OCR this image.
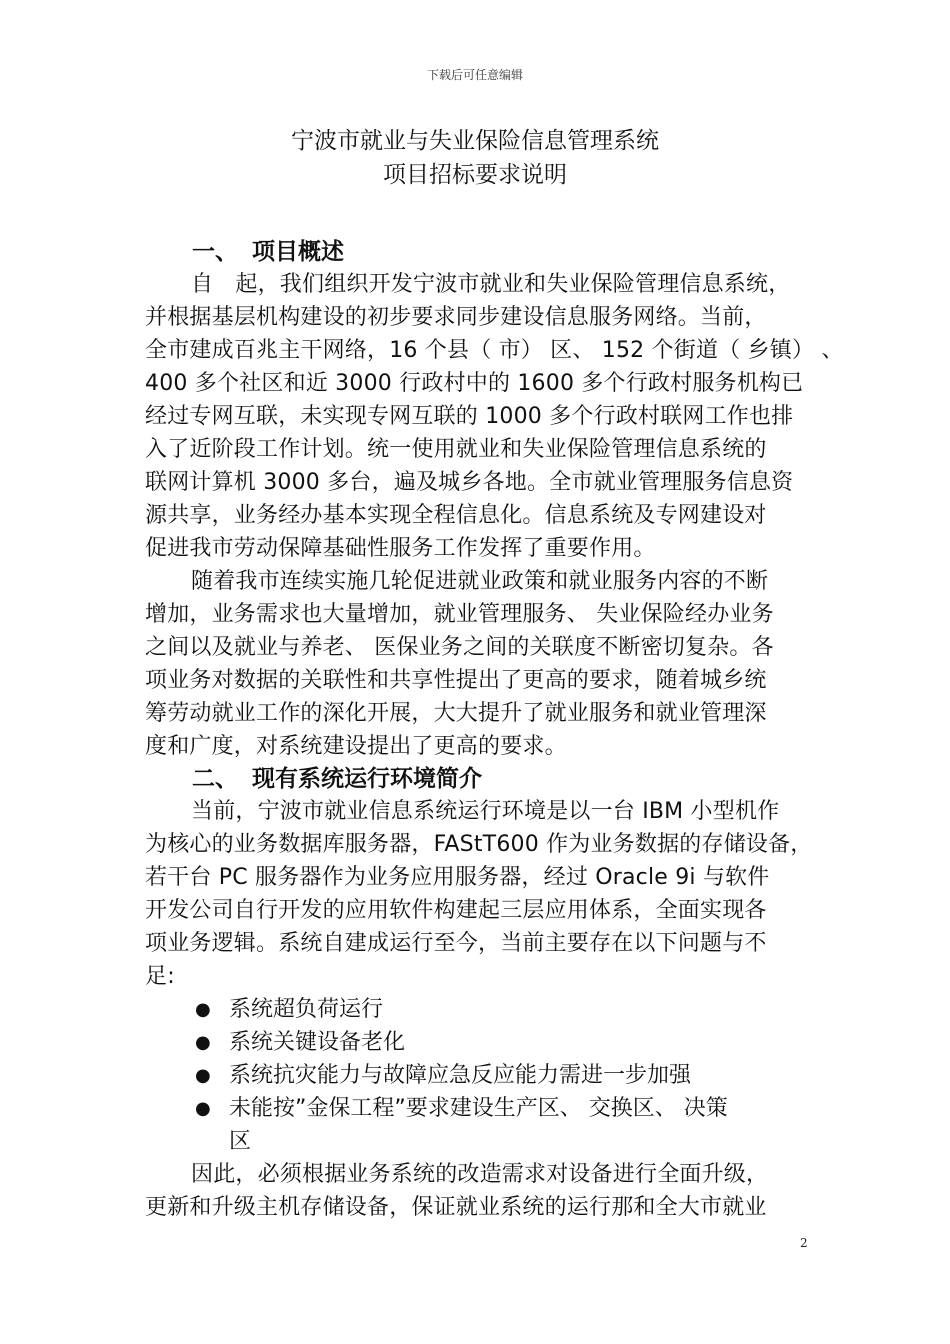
下载后可任意编辑
宁波市就业与失业保险信息管理系统
项目招标要求说明
一、 项目概述
自　起，我们组织开发宁波市就业和失业保险管理信息系统，
并根据基层机构建设的初步要求同步建设信息服务网络。当前，
全市建成百兆主干网络，16 个县（ 市） 区、 152 个街道（ 乡镇） 、
400 多个社区和近 3000 行政村中的 1600 多个行政村服务机构已
经过专网互联，未实现专网互联的 1000 多个行政村联网工作也排
入了近阶段工作计划。统一使用就业和失业保险管理信息系统的
联网计算机 3000 多台，遍及城乡各地。全市就业管理服务信息资
源共享，业务经办基本实现全程信息化。信息系统及专网建设对
促进我市劳动保障基础性服务工作发挥了重要作用。
随着我市连续实施几轮促进就业政策和就业服务内容的不断
增加，业务需求也大量增加，就业管理服务、 失业保险经办业务
之间以及就业与养老、 医保业务之间的关联度不断密切复杂。各
项业务对数据的关联性和共享性提出了更高的要求，随着城乡统
筹劳动就业工作的深化开展，大大提升了就业服务和就业管理深
度和广度，对系统建设提出了更高的要求。
二、 现有系统运行环境简介
当前，宁波市就业信息系统运行环境是以一台 IBM 小型机作
为核心的业务数据库服务器，FAStT600 作为业务数据的存储设备，
若干台 PC 服务器作为业务应用服务器，经过 Oracle 9i 与软件
开发公司自行开发的应用软件构建起三层应用体系，全面实现各
项业务逻辑。系统自建成运行至今，当前主要存在以下问题与不
足:
● 系统超负荷运行
● 系统关键设备老化
● 系统抗灾能力与故障应急反应能力需进一步加强
● 未能按”金保工程”要求建设生产区、 交换区、 决策
区
因此，必须根据业务系统的改造需求对设备进行全面升级，
更新和升级主机存储设备，保证就业系统的运行那和全大市就业
2
